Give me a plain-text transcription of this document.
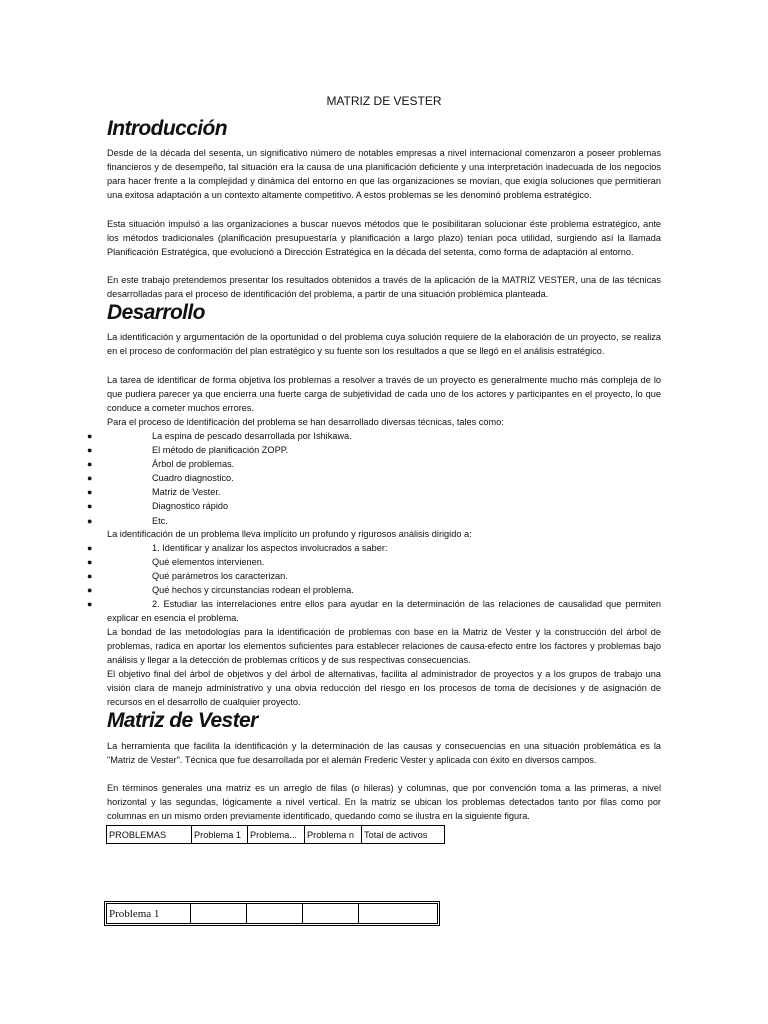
MATRIZ DE VESTER
Introducción

Desde de la década del sesenta, un significativo número de notables empresas a nivel internacional comenzaron a poseer problemas financieros y de desempeño, tal situación era la causa de una planificación deficiente y una interpretación inadecuada de los negocios para hacer frente a la complejidad y dinámica del entorno en que las organizaciones se movían, que exigía soluciones que permitieran una exitosa adaptación a un contexto altamente competitivo. A estos problemas se les denominó problema estratégico.

Esta situación impulsó a las organizaciones a buscar nuevos métodos que le posibilitaran solucionar éste problema estratégico, ante los métodos tradicionales (planificación presupuestaría y planificación a largo plazo) tenían poca utilidad, surgiendo así la llamada Planificación Estratégica, que evolucionó a Dirección Estratégica en la década del setenta, como forma de adaptación al entorno.

En este trabajo pretendemos presentar los resultados obtenidos a través de la aplicación de la MATRIZ VESTER, una de las técnicas desarrolladas para el proceso de identificación del problema, a partir de una situación problémica planteada.

Desarrollo

La identificación y argumentación de la oportunidad o del problema cuya solución requiere de la elaboración de un proyecto, se realiza en el proceso de conformación del plan estratégico y su fuente son los resultados a que se llegó en el análisis estratégico.

La tarea de identificar de forma objetiva los problemas a resolver a través de un proyecto es generalmente mucho más compleja de lo que pudiera parecer ya que encierra una fuerte carga de subjetividad de cada uno de los actores y participantes en el proyecto, lo que conduce a cometer muchos errores.

Para el proceso de identificación del problema se han desarrollado diversas técnicas, tales como:

●	La espina de pescado desarrollada por Ishikawa.
●	El método de planificación ZOPP.
●	Árbol de problemas.
●	Cuadro diagnostico.
●	Matriz de Vester.
●	Diagnostico rápido
●	Etc.

La identificación de un problema lleva implícito un profundo y rigurosos análisis dirigido a:

●	1. Identificar y analizar los aspectos involucrados a saber:
●	Qué elementos intervienen.
●	Qué parámetros los caracterizan.
●	Qué hechos y circunstancias rodean el problema.
●	2. Estudiar las interrelaciones entre ellos para ayudar en la determinación de las relaciones de causalidad que permiten explicar en esencia el problema.

La bondad de las metodologías para la identificación de problemas con base en la Matriz de Vester y la construcción del árbol de problemas, radica en aportar los elementos suficientes para establecer relaciones de causa-efecto entre los factores y problemas bajo análisis y llegar a la detección de problemas críticos y de sus respectivas consecuencias.

El objetivo final del árbol de objetivos y del árbol de alternativas, facilita al administrador de proyectos y a los grupos de trabajo una visión clara de manejo administrativo y una obvia reducción del riesgo en los procesos de toma de decisiones y de asignación de recursos en el desarrollo de cualquier proyecto.

Matriz de Vester

La herramienta que facilita la identificación y la determinación de las causas y consecuencias en una situación problemática es la "Matriz de Vester". Técnica que fue desarrollada por el alemán Frederic Vester y aplicada con éxito en diversos campos.

En términos generales una matriz es un arreglo de filas (o hileras) y columnas, que por convención toma a las primeras, a nivel horizontal y las segundas, lógicamente a nivel vertical. En la matriz se ubican los problemas detectados tanto por filas como por columnas en un mismo orden previamente identificado, quedando como se ilustra en la siguiente figura.

PROBLEMAS	Problema 1	Problema...	Problema n	Total de activos
Problema 1				
